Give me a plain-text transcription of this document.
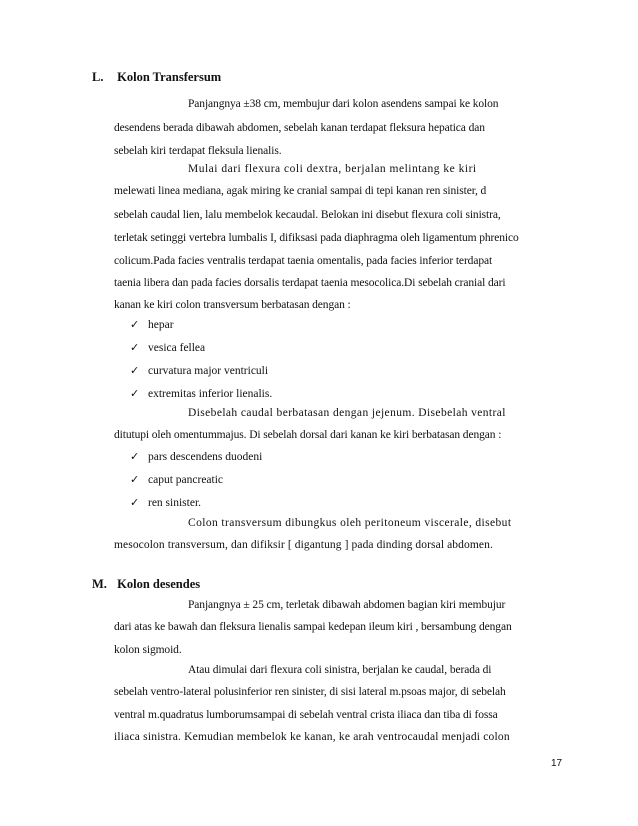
L. Kolon Transfersum
Panjangnya ±38 cm, membujur dari kolon asendens sampai ke kolon
desendens berada dibawah abdomen, sebelah kanan terdapat fleksura hepatica dan
sebelah kiri terdapat fleksula lienalis.
Mulai dari flexura coli dextra, berjalan melintang ke kiri
melewati linea mediana, agak miring ke cranial sampai di tepi kanan ren sinister, d
sebelah caudal lien, lalu membelok kecaudal. Belokan ini disebut flexura coli sinistra,
terletak setinggi vertebra lumbalis I, difiksasi pada diaphragma oleh ligamentum phrenico
colicum.Pada facies ventralis terdapat taenia omentalis, pada facies inferior terdapat
taenia libera dan pada facies dorsalis terdapat taenia mesocolica.Di sebelah cranial dari
kanan ke kiri colon transversum berbatasan dengan :
✓ hepar
✓ vesica fellea
✓ curvatura major ventriculi
✓ extremitas inferior lienalis.
Disebelah caudal berbatasan dengan jejenum. Disebelah ventral
ditutupi oleh omentummajus. Di sebelah dorsal dari kanan ke kiri berbatasan dengan :
✓ pars descendens duodeni
✓ caput pancreatic
✓ ren sinister.
Colon transversum dibungkus oleh peritoneum viscerale, disebut
mesocolon transversum, dan difiksir [ digantung ] pada dinding dorsal abdomen.
M. Kolon desendes
Panjangnya ± 25 cm, terletak dibawah abdomen bagian kiri membujur
dari atas ke bawah dan fleksura lienalis sampai kedepan ileum kiri , bersambung dengan
kolon sigmoid.
Atau dimulai dari flexura coli sinistra, berjalan ke caudal, berada di
sebelah ventro-lateral polusinferior ren sinister, di sisi lateral m.psoas major, di sebelah
ventral m.quadratus lumborumsampai di sebelah ventral crista iliaca dan tiba di fossa
iliaca sinistra. Kemudian membelok ke kanan, ke arah ventrocaudal menjadi colon
17
